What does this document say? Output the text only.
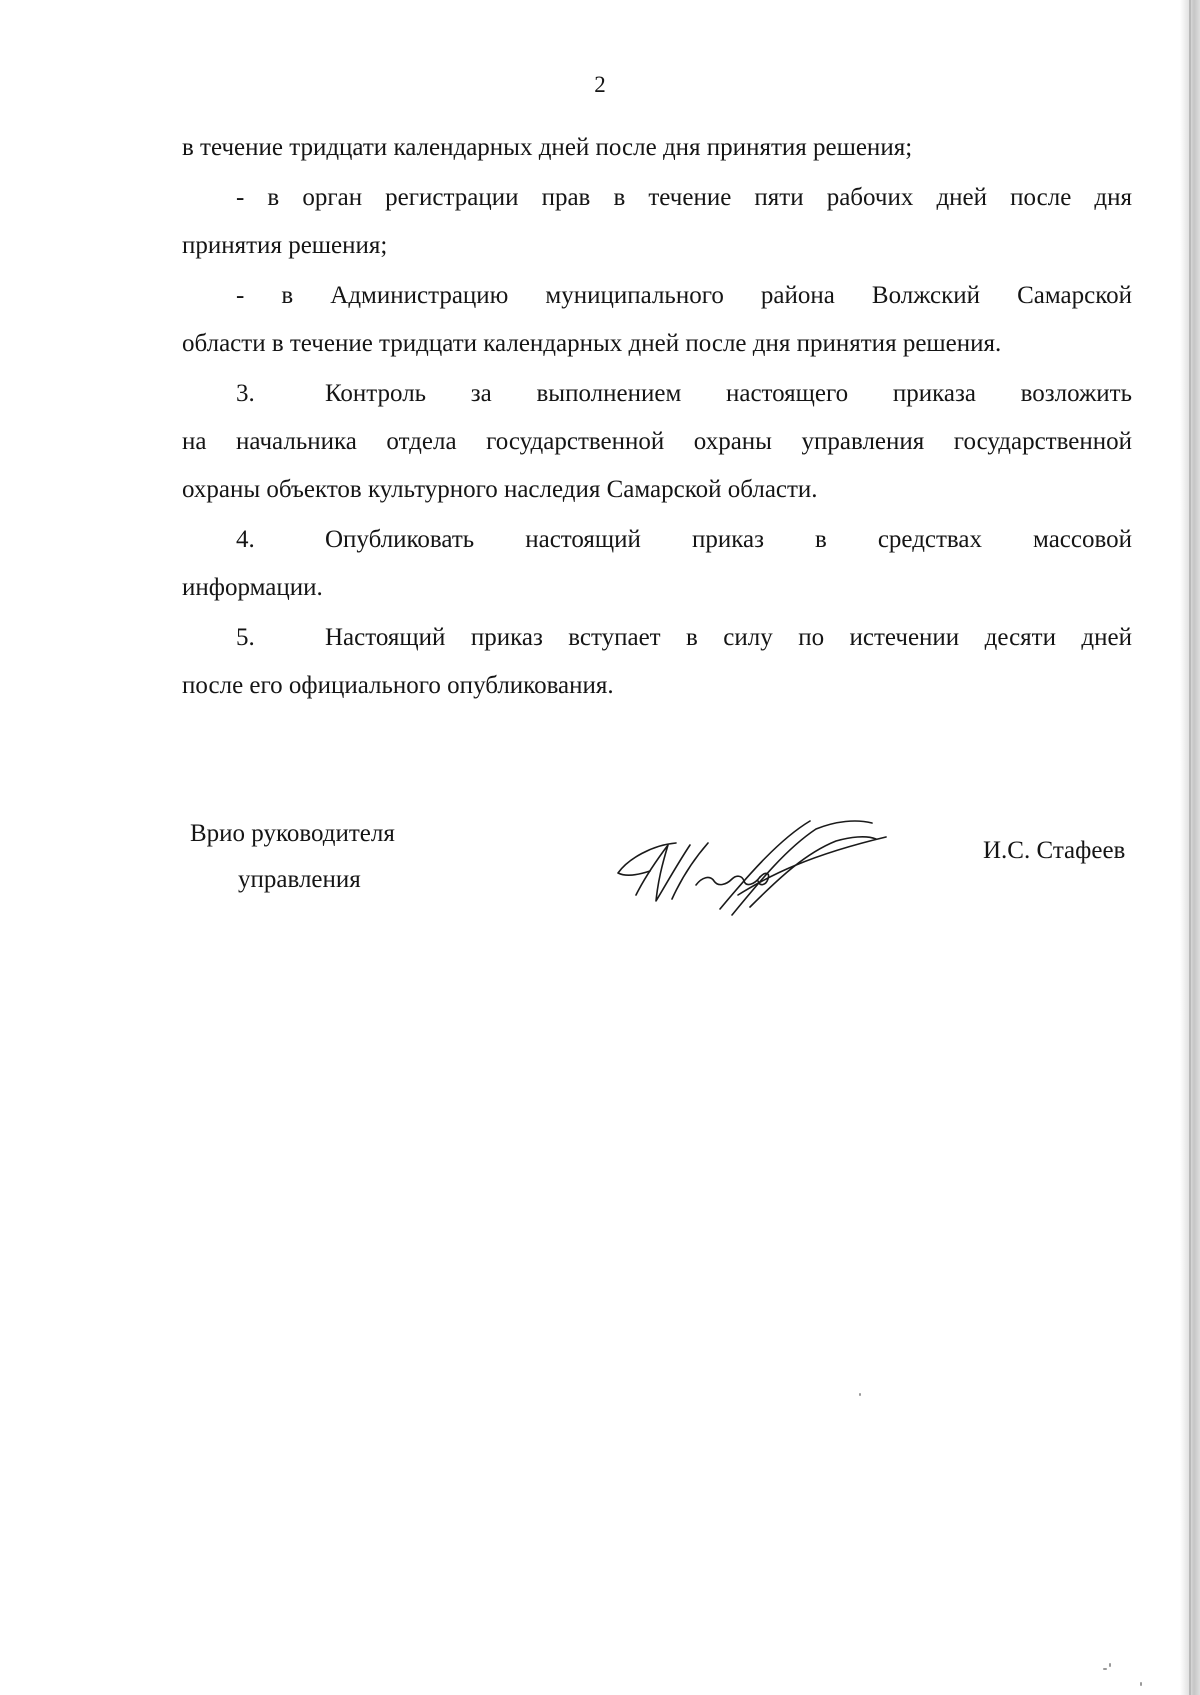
2
в течение тридцати календарных дней после дня принятия решения;
- в орган регистрации прав в течение пяти рабочих дней после дня
принятия решения;
- в Администрацию муниципального района Волжский Самарской
области в течение тридцати календарных дней после дня принятия решения.
3.	Контроль за выполнением настоящего приказа возложить
на начальника отдела государственной охраны управления государственной
охраны объектов культурного наследия Самарской области.
4.	Опубликовать настоящий приказ в средствах массовой
информации.
5.	Настоящий приказ вступает в силу по истечении десяти дней
после его официального опубликования.
Врио руководителя
управления
И.С. Стафеев
